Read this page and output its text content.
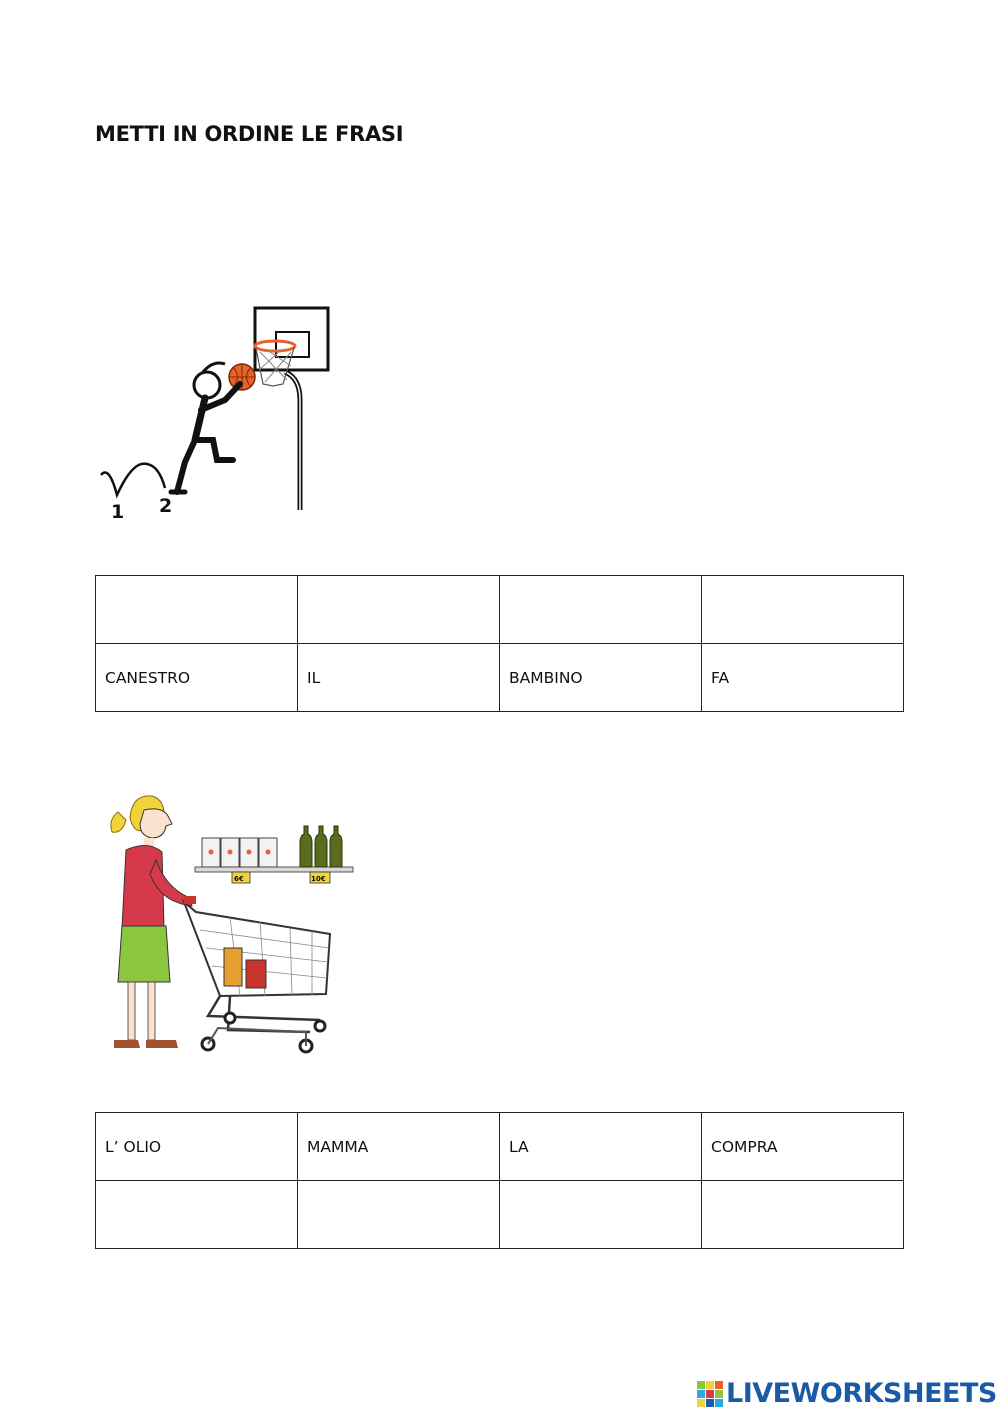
METTI IN ORDINE LE FRASI
1 2

CANESTRO	IL	BAMBINO	FA
6€	10€
L’ OLIO	MAMMA	LA	COMPRA

LIVEWORKSHEETS
